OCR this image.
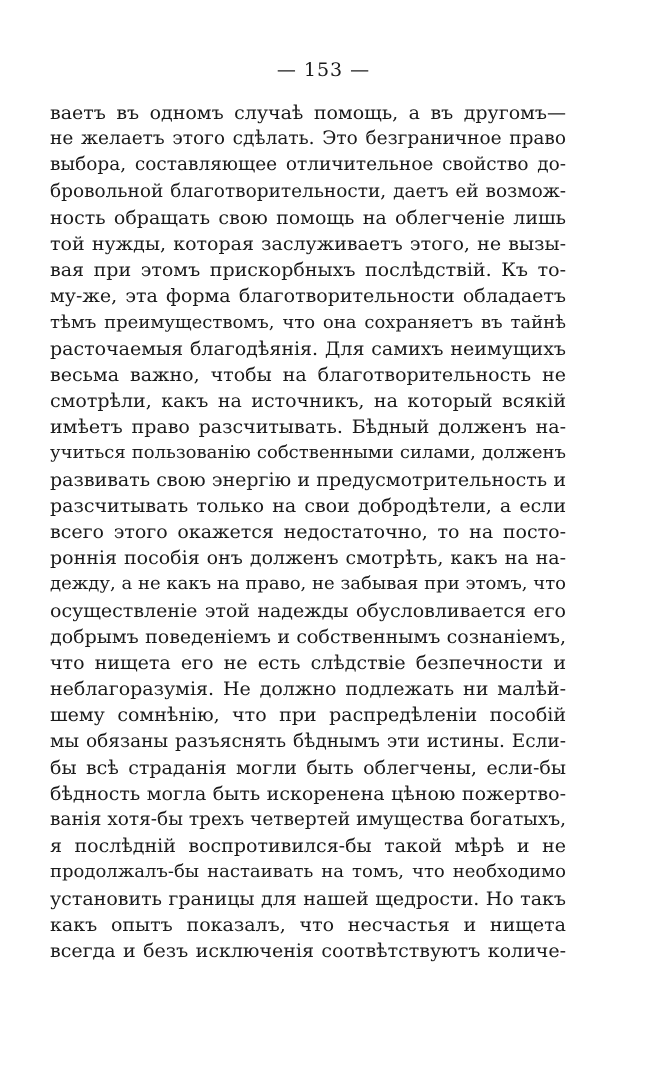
— 153 —
ваетъ въ одномъ случаѣ помощь, а въ другомъ—
не желаетъ этого сдѣлать. Это безграничное право
выбора, составляющее отличительное свойство до-
бровольной благотворительности, даетъ ей возмож-
ность обращать свою помощь на облегченіе лишь
той нужды, которая заслуживаетъ этого, не вызы-
вая при этомъ прискорбныхъ послѣдствій. Къ то-
му-же, эта форма благотворительности обладаетъ
тѣмъ преимуществомъ, что она сохраняетъ въ тайнѣ
расточаемыя благодѣянія. Для самихъ неимущихъ
весьма важно, чтобы на благотворительность не
смотрѣли, какъ на источникъ, на который всякій
имѣетъ право разсчитывать. Бѣдный долженъ на-
учиться пользованію собственными силами, долженъ
развивать свою энергію и предусмотрительность и
разсчитывать только на свои добродѣтели, а если
всего этого окажется недостаточно, то на посто-
роннія пособія онъ долженъ смотрѣть, какъ на на-
дежду, а не какъ на право, не забывая при этомъ, что
осуществленіе этой надежды обусловливается его
добрымъ поведеніемъ и собственнымъ сознаніемъ,
что нищета его не есть слѣдствіе безпечности и
неблагоразумія. Не должно подлежать ни малѣй-
шему сомнѣнію, что при распредѣленіи пособій
мы обязаны разъяснять бѣднымъ эти истины. Если-
бы всѣ страданія могли быть облегчены, если-бы
бѣдность могла быть искоренена цѣною пожертво-
ванія хотя-бы трехъ четвертей имущества богатыхъ,
я послѣдній воспротивился-бы такой мѣрѣ и не
продолжалъ-бы настаивать на томъ, что необходимо
установить границы для нашей щедрости. Но такъ
какъ опытъ показалъ, что несчастья и нищета
всегда и безъ исключенія соотвѣтствуютъ количе-
